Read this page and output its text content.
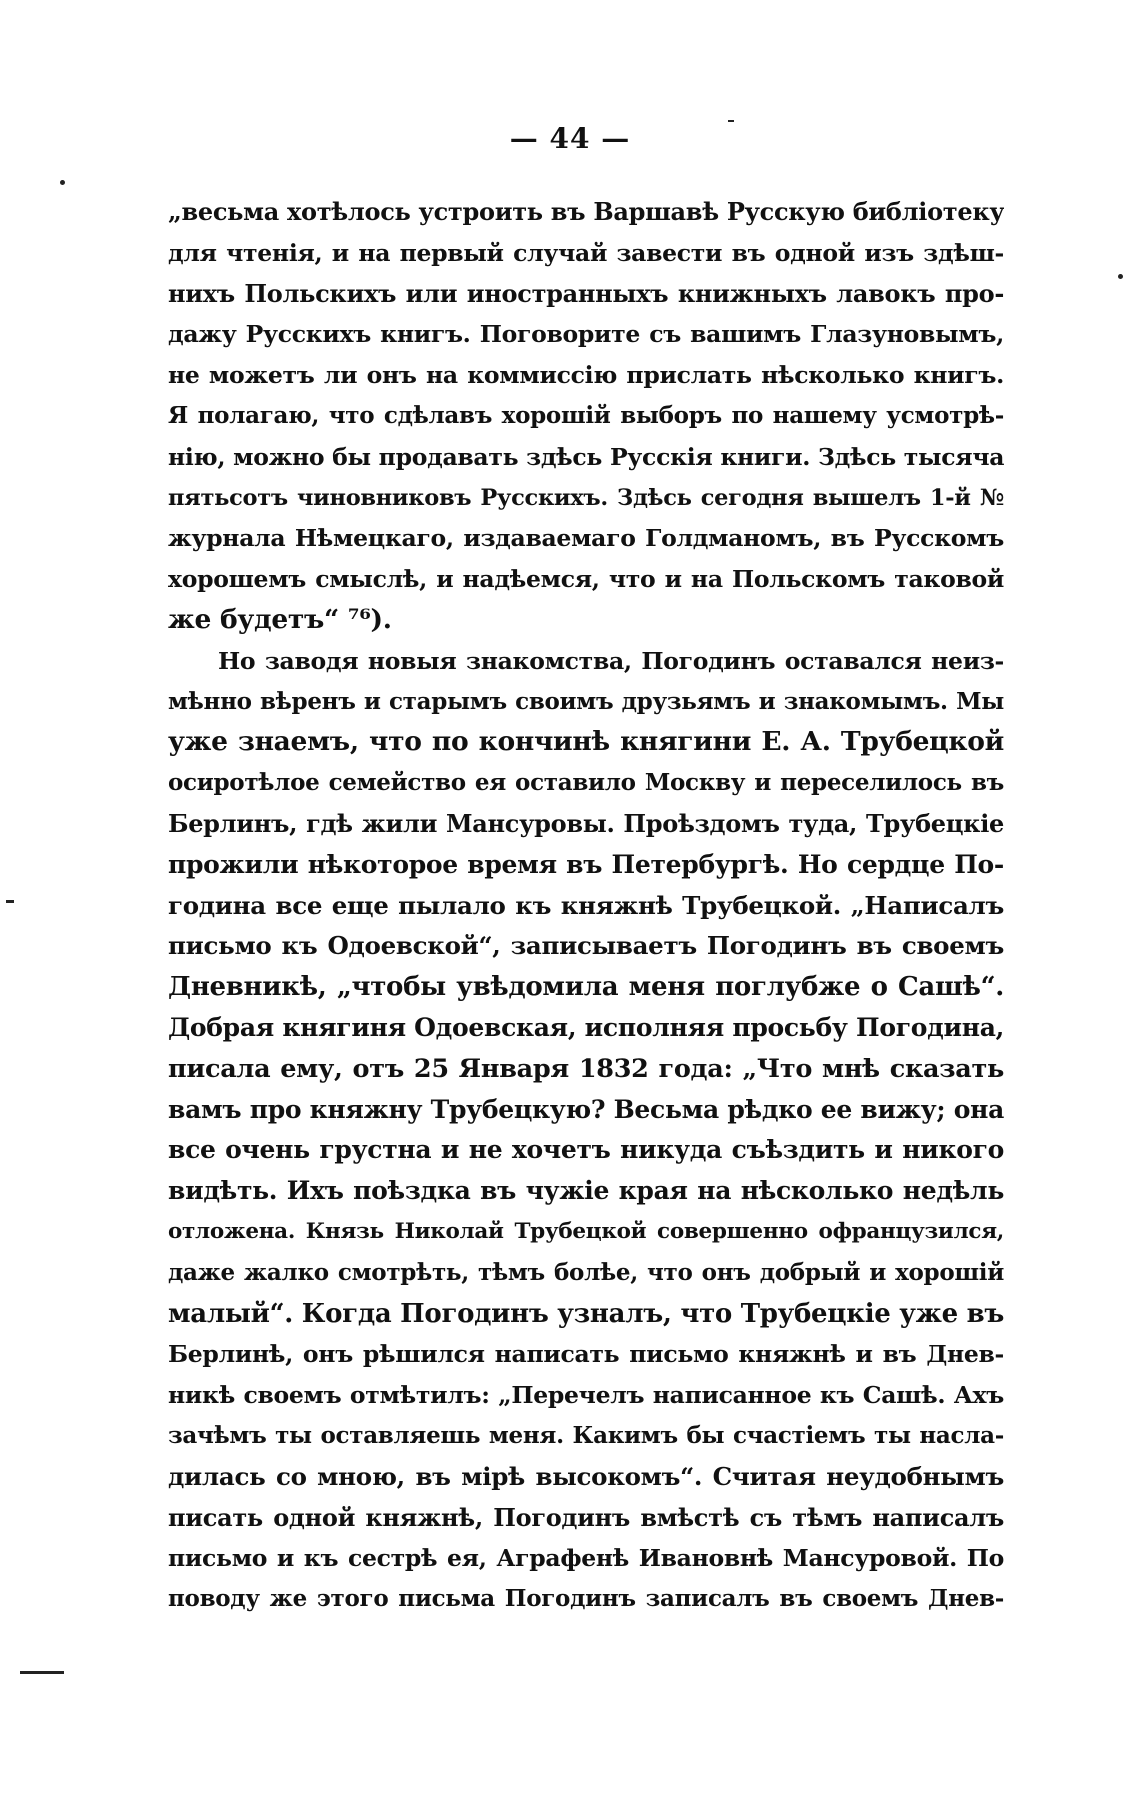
— 44 —
„весьма хотѣлось устроить въ Варшавѣ Русскую библіотеку
для чтенія, и на первый случай завести въ одной изъ здѣш-
нихъ Польскихъ или иностранныхъ книжныхъ лавокъ про-
дажу Русскихъ книгъ. Поговорите съ вашимъ Глазуновымъ,
не можетъ ли онъ на коммиссію прислать нѣсколько книгъ.
Я полагаю, что сдѣлавъ хорошій выборъ по нашему усмотрѣ-
нію, можно бы продавать здѣсь Русскія книги. Здѣсь тысяча
пятьсотъ чиновниковъ Русскихъ. Здѣсь сегодня вышелъ 1-й №
журнала Нѣмецкаго, издаваемаго Голдманомъ, въ Русскомъ
хорошемъ смыслѣ, и надѣемся, что и на Польскомъ таковой
же будетъ“ ⁷⁶).
Но заводя новыя знакомства, Погодинъ оставался неиз-
мѣнно вѣренъ и старымъ своимъ друзьямъ и знакомымъ. Мы
уже знаемъ, что по кончинѣ княгини Е. А. Трубецкой
осиротѣлое семейство ея оставило Москву и переселилось въ
Берлинъ, гдѣ жили Мансуровы. Проѣздомъ туда, Трубецкіе
прожили нѣкоторое время въ Петербургѣ. Но сердце По-
година все еще пылало къ княжнѣ Трубецкой. „Написалъ
письмо къ Одоевской“, записываетъ Погодинъ въ своемъ
Дневникѣ, „чтобы увѣдомила меня поглубже о Сашѣ“.
Добрая княгиня Одоевская, исполняя просьбу Погодина,
писала ему, отъ 25 Января 1832 года: „Что мнѣ сказать
вамъ про княжну Трубецкую? Весьма рѣдко ее вижу; она
все очень грустна и не хочетъ никуда съѣздить и никого
видѣть. Ихъ поѣздка въ чужіе края на нѣсколько недѣль
отложена. Князь Николай Трубецкой совершенно офранцузился,
даже жалко смотрѣть, тѣмъ болѣе, что онъ добрый и хорошій
малый“. Когда Погодинъ узналъ, что Трубецкіе уже въ
Берлинѣ, онъ рѣшился написать письмо княжнѣ и въ Днев-
никѣ своемъ отмѣтилъ: „Перечелъ написанное къ Сашѣ. Ахъ
зачѣмъ ты оставляешь меня. Какимъ бы счастіемъ ты наслa-
дилась со мною, въ мірѣ высокомъ“. Считая неудобнымъ
писать одной княжнѣ, Погодинъ вмѣстѣ съ тѣмъ написалъ
письмо и къ сестрѣ ея, Аграфенѣ Ивановнѣ Мансуровой. По
поводу же этого письма Погодинъ записалъ въ своемъ Днев-
